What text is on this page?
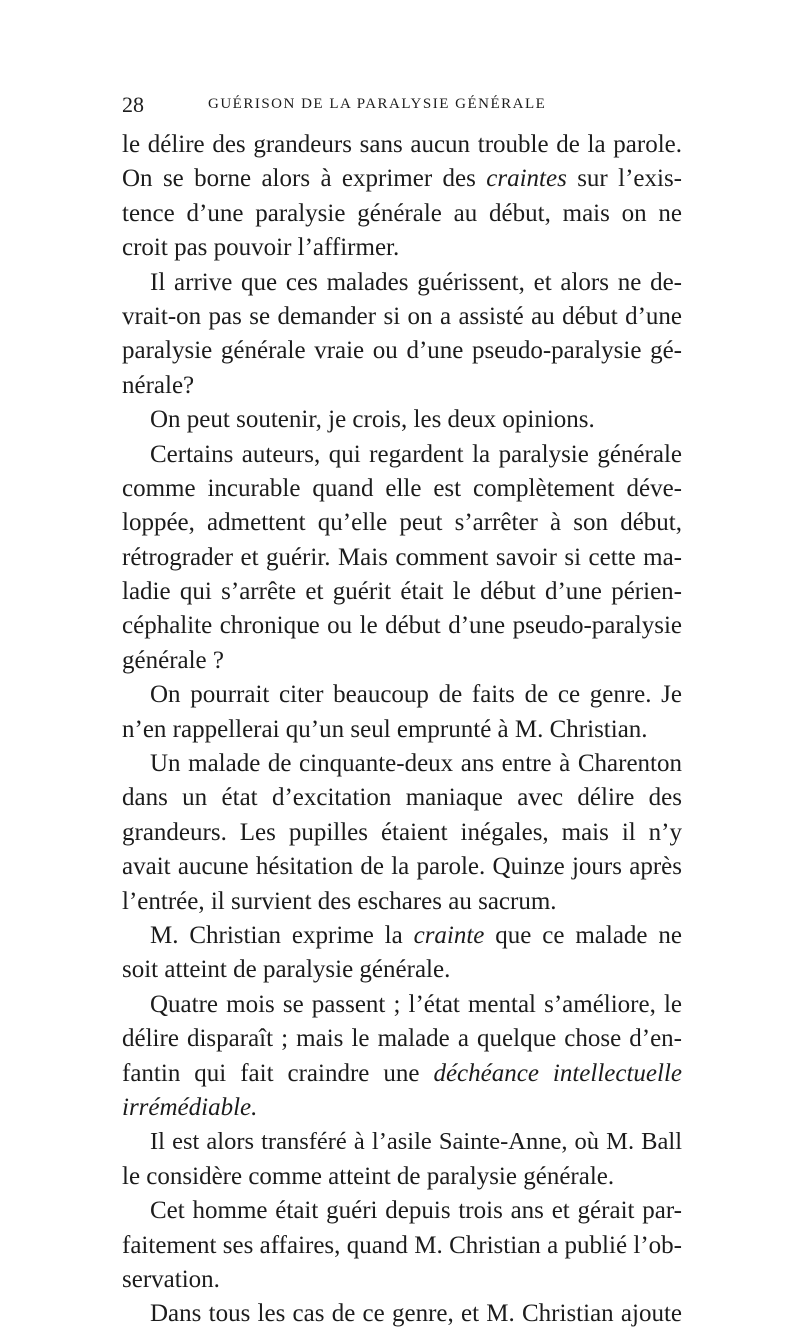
28	GUÉRISON DE LA PARALYSIE GÉNÉRALE
le délire des grandeurs sans aucun trouble de la parole.
On se borne alors à exprimer des craintes sur l’exis-
tence d’une paralysie générale au début, mais on ne
croit pas pouvoir l’affirmer.
Il arrive que ces malades guérissent, et alors ne de-
vrait-on pas se demander si on a assisté au début d’une
paralysie générale vraie ou d’une pseudo-paralysie gé-
nérale?
On peut soutenir, je crois, les deux opinions.
Certains auteurs, qui regardent la paralysie générale
comme incurable quand elle est complètement déve-
loppée, admettent qu’elle peut s’arrêter à son début,
rétrograder et guérir. Mais comment savoir si cette ma-
ladie qui s’arrête et guérit était le début d’une périen-
céphalite chronique ou le début d’une pseudo-paralysie
générale ?
On pourrait citer beaucoup de faits de ce genre. Je
n’en rappellerai qu’un seul emprunté à M. Christian.
Un malade de cinquante-deux ans entre à Charenton
dans un état d’excitation maniaque avec délire des
grandeurs. Les pupilles étaient inégales, mais il n’y
avait aucune hésitation de la parole. Quinze jours après
l’entrée, il survient des eschares au sacrum.
M. Christian exprime la crainte que ce malade ne
soit atteint de paralysie générale.
Quatre mois se passent ; l’état mental s’améliore, le
délire disparaît ; mais le malade a quelque chose d’en-
fantin qui fait craindre une déchéance intellectuelle
irrémédiable.
Il est alors transféré à l’asile Sainte-Anne, où M. Ball
le considère comme atteint de paralysie générale.
Cet homme était guéri depuis trois ans et gérait par-
faitement ses affaires, quand M. Christian a publié l’ob-
servation.
Dans tous les cas de ce genre, et M. Christian ajoute
